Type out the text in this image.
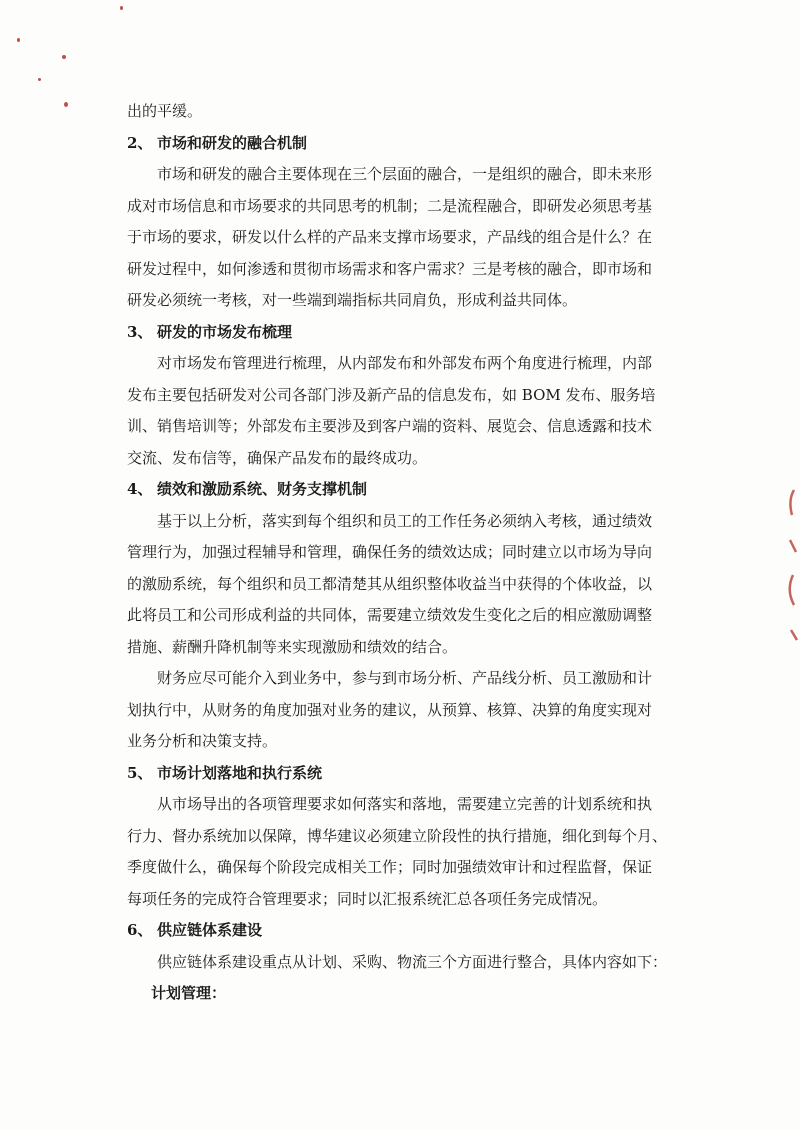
出的平缓。
2、 市场和研发的融合机制
市场和研发的融合主要体现在三个层面的融合，一是组织的融合，即未来形
成对市场信息和市场要求的共同思考的机制；二是流程融合，即研发必须思考基
于市场的要求，研发以什么样的产品来支撑市场要求，产品线的组合是什么？在
研发过程中，如何渗透和贯彻市场需求和客户需求？三是考核的融合，即市场和
研发必须统一考核，对一些端到端指标共同肩负，形成利益共同体。
3、 研发的市场发布梳理
对市场发布管理进行梳理，从内部发布和外部发布两个角度进行梳理，内部
发布主要包括研发对公司各部门涉及新产品的信息发布，如 BOM 发布、服务培
训、销售培训等；外部发布主要涉及到客户端的资料、展览会、信息透露和技术
交流、发布信等，确保产品发布的最终成功。
4、 绩效和激励系统、财务支撑机制
基于以上分析，落实到每个组织和员工的工作任务必须纳入考核，通过绩效
管理行为，加强过程辅导和管理，确保任务的绩效达成；同时建立以市场为导向
的激励系统，每个组织和员工都清楚其从组织整体收益当中获得的个体收益，以
此将员工和公司形成利益的共同体，需要建立绩效发生变化之后的相应激励调整
措施、薪酬升降机制等来实现激励和绩效的结合。
财务应尽可能介入到业务中，参与到市场分析、产品线分析、员工激励和计
划执行中，从财务的角度加强对业务的建议，从预算、核算、决算的角度实现对
业务分析和决策支持。
5、 市场计划落地和执行系统
从市场导出的各项管理要求如何落实和落地，需要建立完善的计划系统和执
行力、督办系统加以保障，博华建议必须建立阶段性的执行措施，细化到每个月、
季度做什么，确保每个阶段完成相关工作；同时加强绩效审计和过程监督，保证
每项任务的完成符合管理要求；同时以汇报系统汇总各项任务完成情况。
6、 供应链体系建设
供应链体系建设重点从计划、采购、物流三个方面进行整合，具体内容如下：
计划管理：
